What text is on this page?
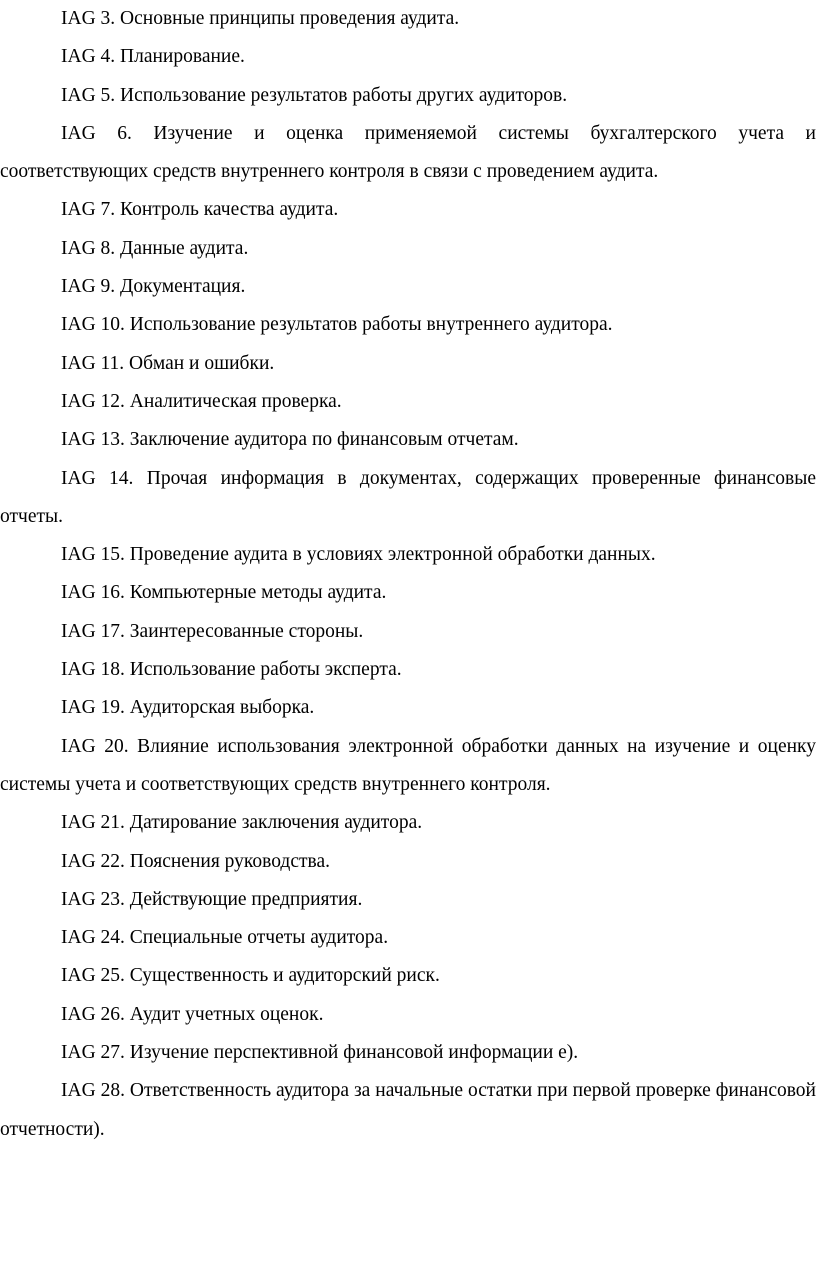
IAG 3. Основные принципы проведения аудита.

IAG 4. Планирование.

IAG 5. Использование результатов работы других аудиторов.

IAG 6. Изучение и оценка применяемой системы бухгалтерского учета и соответствующих средств внутреннего контроля в связи с проведением аудита.

IAG 7. Контроль качества аудита.

IAG 8. Данные аудита.

IAG 9. Документация.

IAG 10. Использование результатов работы внутреннего аудитора.

IAG 11. Обман и ошибки.

IAG 12. Аналитическая проверка.

IAG 13. Заключение аудитора по финансовым отчетам.

IAG 14. Прочая информация в документах, содержащих проверенные финансовые отчеты.

IAG 15. Проведение аудита в условиях электронной обработки данных.

IAG 16. Компьютерные методы аудита.

IAG 17. Заинтересованные стороны.

IAG 18. Использование работы эксперта.

IAG 19. Аудиторская выборка.

IAG 20. Влияние использования электронной обработки данных на изучение и оценку системы учета и соответствующих средств внутреннего контроля.

IAG 21. Датирование заключения аудитора.

IAG 22. Пояснения руководства.

IAG 23. Действующие предприятия.

IAG 24. Специальные отчеты аудитора.

IAG 25. Существенность и аудиторский риск.

IAG 26. Аудит учетных оценок.

IAG 27. Изучение перспективной финансовой информации е).

IAG 28. Ответственность аудитора за начальные остатки при первой проверке финансовой отчетности).
